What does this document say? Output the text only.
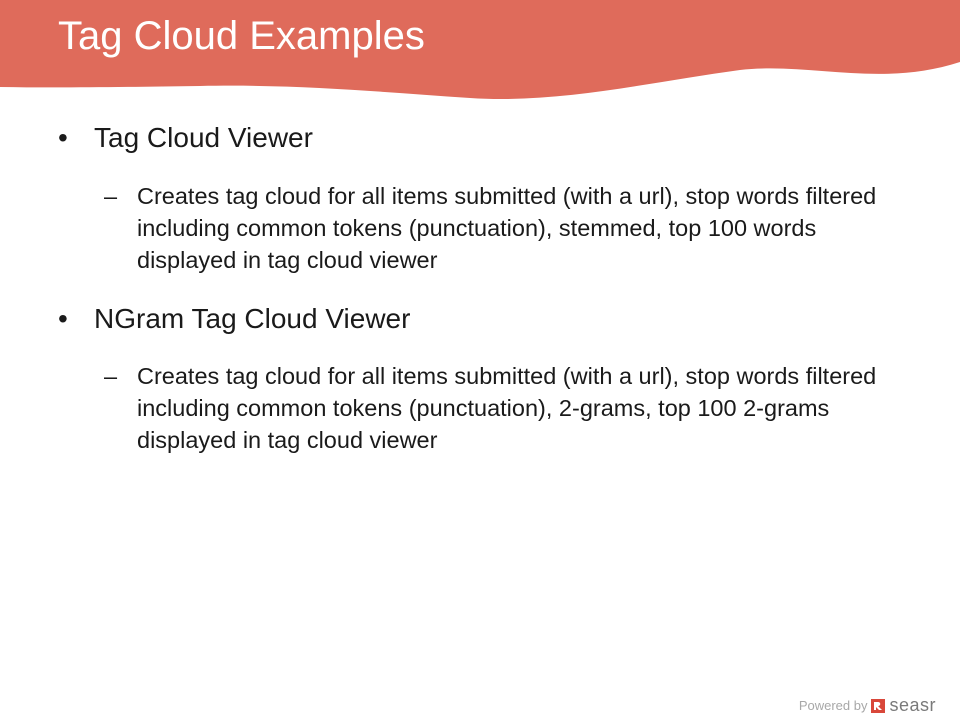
Tag Cloud Examples
• Tag Cloud Viewer
– Creates tag cloud for all items submitted (with a url), stop words filtered including common tokens (punctuation), stemmed, top 100 words displayed in tag cloud viewer
• NGram Tag Cloud Viewer
– Creates tag cloud for all items submitted (with a url), stop words filtered including common tokens (punctuation), 2-grams, top 100 2-grams displayed in tag cloud viewer
Powered by seasr
